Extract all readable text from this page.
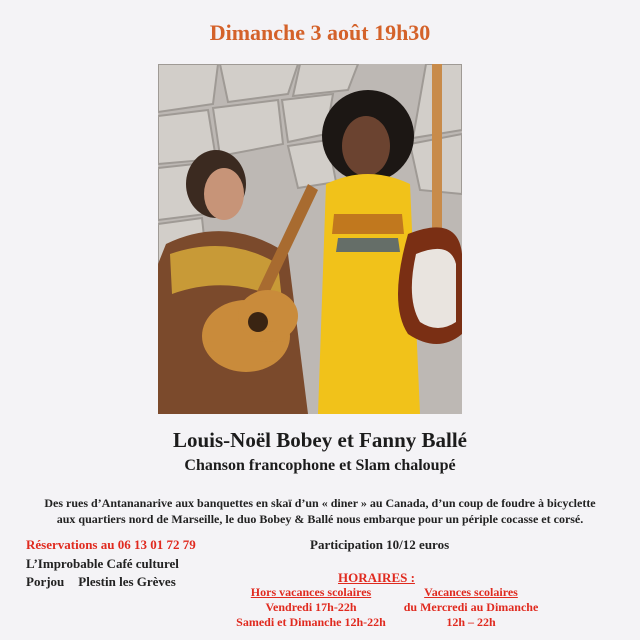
Dimanche 3 août 19h30
Louis-Noël Bobey et Fanny Ballé
Chanson francophone et Slam chaloupé
Des rues d’Antananarive aux banquettes en skaï d’un « diner » au Canada, d’un coup de foudre à bicyclette
aux quartiers nord de Marseille, le duo Bobey & Ballé nous embarque pour un périple cocasse et corsé.
Réservations au 06 13 01 72 79
L’Improbable Café culturel
Porjou Plestin les Grèves
Participation 10/12 euros
HORAIRES :
Hors vacances scolaires
Vendredi 17h-22h
Samedi et Dimanche 12h-22h
Vacances scolaires
du Mercredi au Dimanche
12h – 22h
